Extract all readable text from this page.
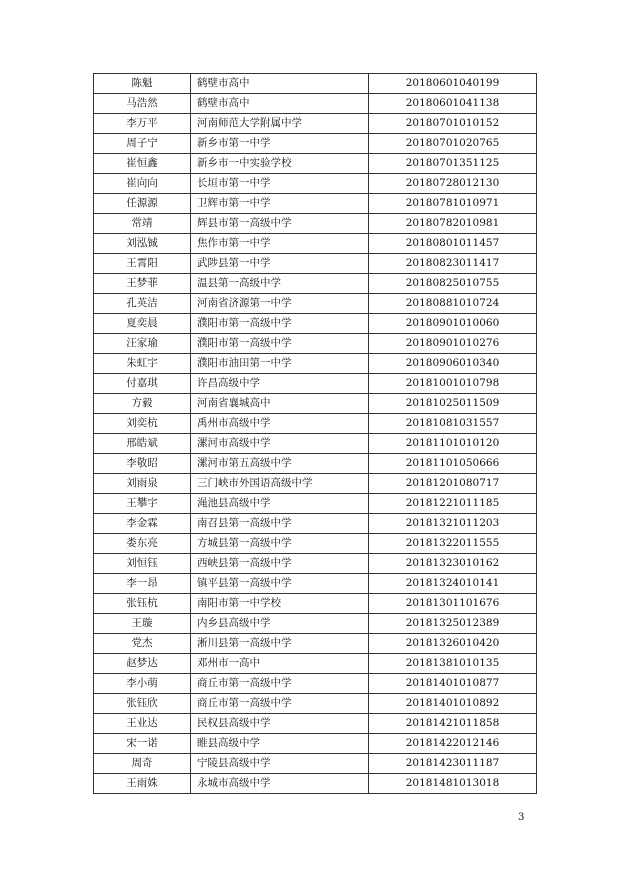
陈魁	鹤壁市高中	20180601040199
马浩然	鹤壁市高中	20180601041138
李万平	河南师范大学附属中学	20180701010152
周子宁	新乡市第一中学	20180701020765
崔恒鑫	新乡市一中实验学校	20180701351125
崔向向	长垣市第一中学	20180728012130
任源源	卫辉市第一中学	20180781010971
常靖	辉县市第一高级中学	20180782010981
刘泓铖	焦作市第一中学	20180801011457
王霄阳	武陟县第一中学	20180823011417
王梦菲	温县第一高级中学	20180825010755
孔英洁	河南省济源第一中学	20180881010724
夏奕晨	濮阳市第一高级中学	20180901010060
汪家瑜	濮阳市第一高级中学	20180901010276
朱虹宇	濮阳市油田第一中学	20180906010340
付嘉琪	许昌高级中学	20181001010798
方毅	河南省襄城高中	20181025011509
刘奕杭	禹州市高级中学	20181081031557
邢皓斌	漯河市高级中学	20181101010120
李敬昭	漯河市第五高级中学	20181101050666
刘雨泉	三门峡市外国语高级中学	20181201080717
王攀宇	渑池县高级中学	20181221011185
李金霖	南召县第一高级中学	20181321011203
娄东亮	方城县第一高级中学	20181322011555
刘恒钰	西峡县第一高级中学	20181323010162
李一昂	镇平县第一高级中学	20181324010141
张钰杭	南阳市第一中学校	20181301101676
王璇	内乡县高级中学	20181325012389
党杰	淅川县第一高级中学	20181326010420
赵梦达	邓州市一高中	20181381010135
李小萌	商丘市第一高级中学	20181401010877
张钰欣	商丘市第一高级中学	20181401010892
王业达	民权县高级中学	20181421011858
宋一诺	睢县高级中学	20181422012146
周奇	宁陵县高级中学	20181423011187
王雨姝	永城市高级中学	20181481013018
3
